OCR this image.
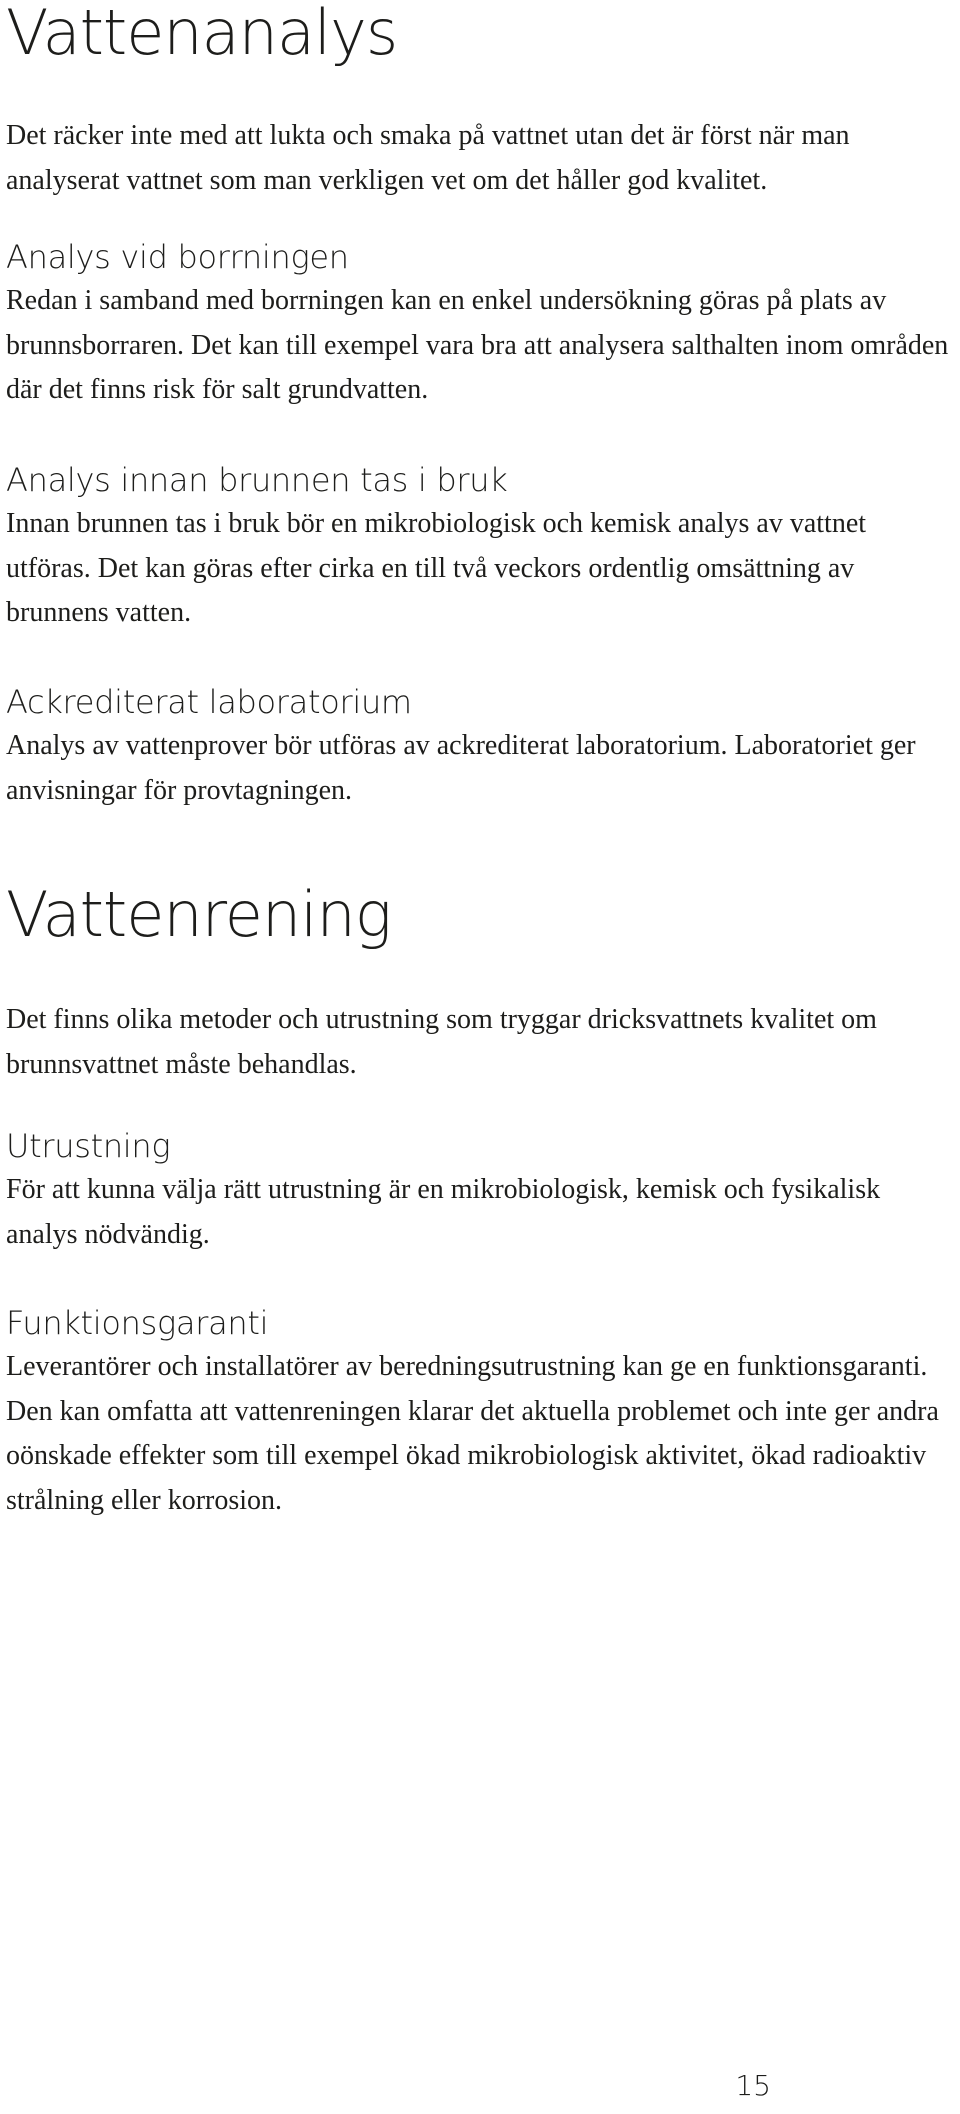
Vattenanalys

Det räcker inte med att lukta och smaka på vattnet utan det är först när man analyserat vattnet som man verkligen vet om det håller god kvalitet.

Analys vid borrningen

Redan i samband med borrningen kan en enkel undersökning göras på plats av brunnsborraren. Det kan till exempel vara bra att analysera salthalten inom områden där det finns risk för salt grundvatten.

Analys innan brunnen tas i bruk

Innan brunnen tas i bruk bör en mikrobiologisk och kemisk analys av vattnet utföras. Det kan göras efter cirka en till två veckors ordentlig omsättning av brunnens vatten.

Ackrediterat laboratorium

Analys av vattenprover bör utföras av ackrediterat laboratorium. Laboratoriet ger anvisningar för provtagningen.

Vattenrening

Det finns olika metoder och utrustning som tryggar dricksvattnets kvalitet om brunnsvattnet måste behandlas.

Utrustning

För att kunna välja rätt utrustning är en mikrobiologisk, kemisk och fysikalisk analys nödvändig.

Funktionsgaranti

Leverantörer och installatörer av beredningsutrustning kan ge en funktionsgaranti. Den kan omfatta att vattenreningen klarar det aktuella problemet och inte ger andra oönskade effekter som till exempel ökad mikrobiologisk aktivitet, ökad radioaktiv strålning eller korrosion.

15
